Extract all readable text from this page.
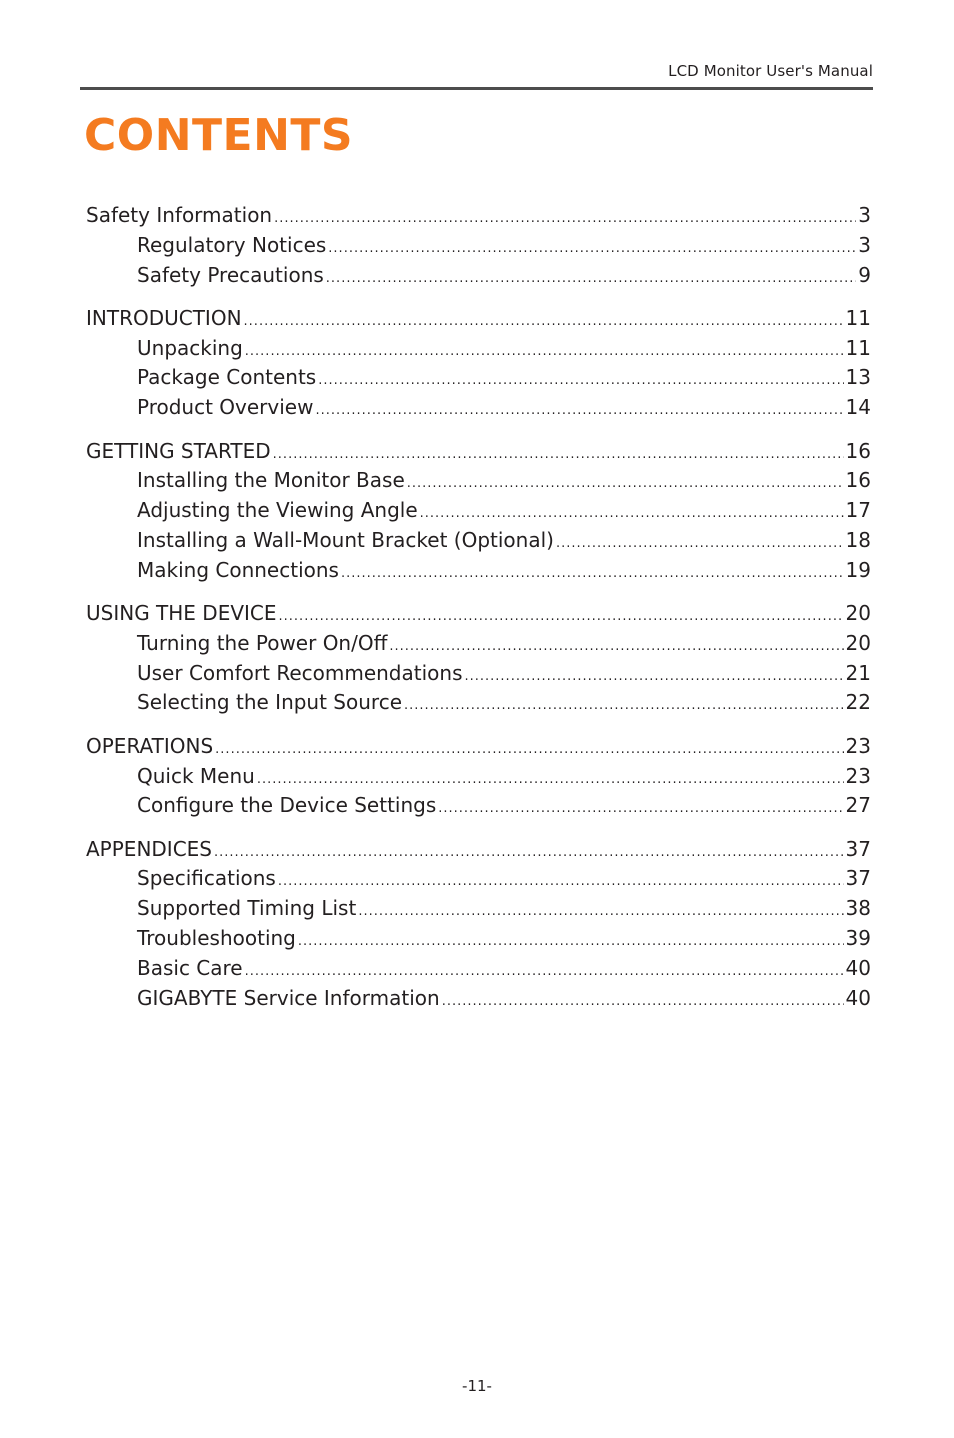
LCD Monitor User's Manual
CONTENTS
Safety Information .....	3
Regulatory Notices .....	3
Safety Precautions .....	9
INTRODUCTION .....	11
Unpacking .....	11
Package Contents .....	13
Product Overview .....	14
GETTING STARTED .....	16
Installing the Monitor Base .....	16
Adjusting the Viewing Angle .....	17
Installing a Wall-Mount Bracket (Optional) .....	18
Making Connections .....	19
USING THE DEVICE .....	20
Turning the Power On/Off .....	20
User Comfort Recommendations .....	21
Selecting the Input Source .....	22
OPERATIONS .....	23
Quick Menu .....	23
Configure the Device Settings .....	27
APPENDICES .....	37
Specifications .....	37
Supported Timing List .....	38
Troubleshooting .....	39
Basic Care .....	40
GIGABYTE Service Information .....	40
-11-
